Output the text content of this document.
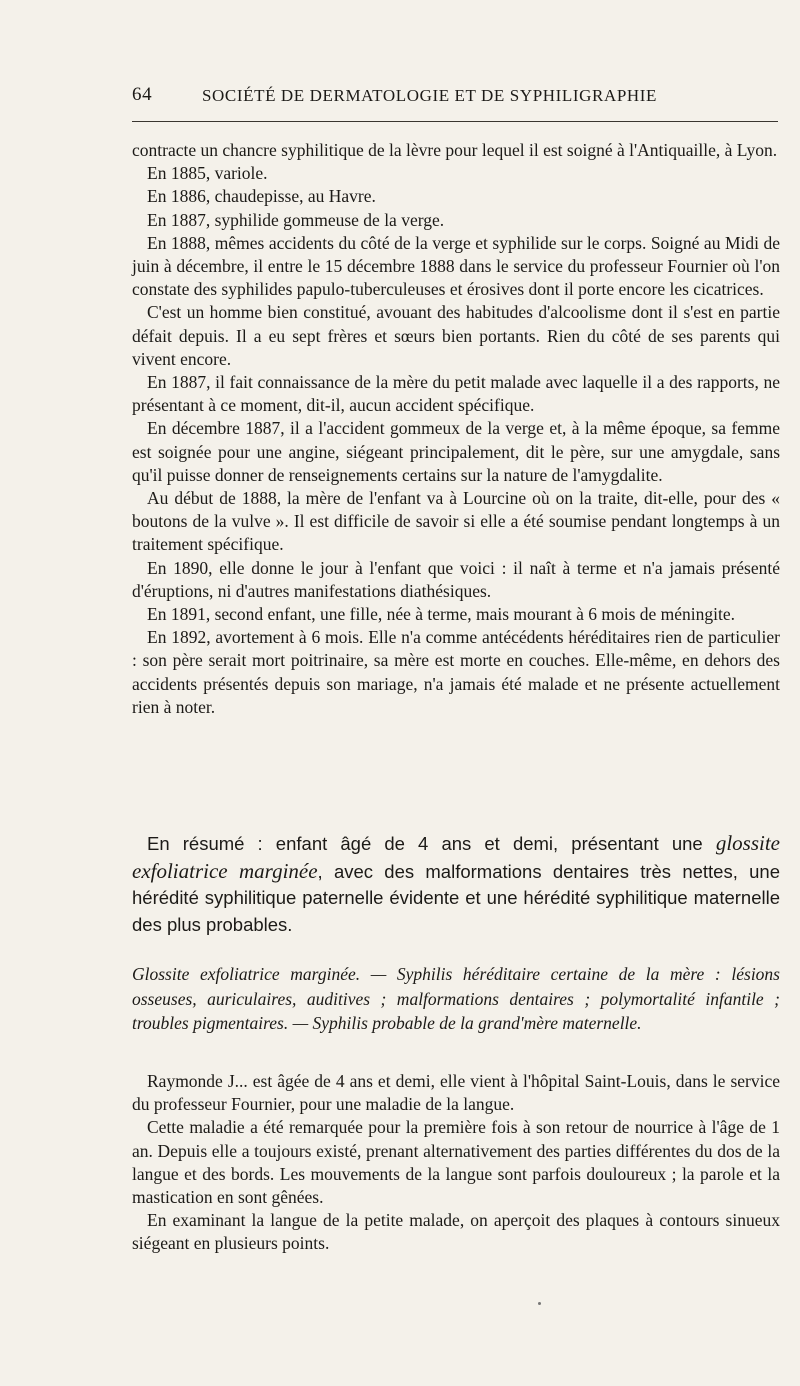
64	SOCIÉTÉ DE DERMATOLOGIE ET DE SYPHILIGRAPHIE

contracte un chancre syphilitique de la lèvre pour lequel il est soigné à l'Antiquaille, à Lyon.

En 1885, variole.

En 1886, chaudepisse, au Havre.

En 1887, syphilide gommeuse de la verge.

En 1888, mêmes accidents du côté de la verge et syphilide sur le corps. Soigné au Midi de juin à décembre, il entre le 15 décembre 1888 dans le service du professeur Fournier où l'on constate des syphilides papulo-tuberculeuses et érosives dont il porte encore les cicatrices.

C'est un homme bien constitué, avouant des habitudes d'alcoolisme dont il s'est en partie défait depuis. Il a eu sept frères et sœurs bien portants. Rien du côté de ses parents qui vivent encore.

En 1887, il fait connaissance de la mère du petit malade avec laquelle il a des rapports, ne présentant à ce moment, dit-il, aucun accident spécifique.

En décembre 1887, il a l'accident gommeux de la verge et, à la même époque, sa femme est soignée pour une angine, siégeant principalement, dit le père, sur une amygdale, sans qu'il puisse donner de renseignements certains sur la nature de l'amygdalite.

Au début de 1888, la mère de l'enfant va à Lourcine où on la traite, dit-elle, pour des « boutons de la vulve ». Il est difficile de savoir si elle a été soumise pendant longtemps à un traitement spécifique.

En 1890, elle donne le jour à l'enfant que voici : il naît à terme et n'a jamais présenté d'éruptions, ni d'autres manifestations diathésiques.

En 1891, second enfant, une fille, née à terme, mais mourant à 6 mois de méningite.

En 1892, avortement à 6 mois. Elle n'a comme antécédents héréditaires rien de particulier : son père serait mort poitrinaire, sa mère est morte en couches. Elle-même, en dehors des accidents présentés depuis son mariage, n'a jamais été malade et ne présente actuellement rien à noter.

En résumé : enfant âgé de 4 ans et demi, présentant une glossite exfoliatrice marginée, avec des malformations dentaires très nettes, une hérédité syphilitique paternelle évidente et une hérédité syphilitique maternelle des plus probables.

Glossite exfoliatrice marginée. — Syphilis héréditaire certaine de la mère : lésions osseuses, auriculaires, auditives ; malformations dentaires ; polymortalité infantile ; troubles pigmentaires. — Syphilis probable de la grand'mère maternelle.

Raymonde J... est âgée de 4 ans et demi, elle vient à l'hôpital Saint-Louis, dans le service du professeur Fournier, pour une maladie de la langue.

Cette maladie a été remarquée pour la première fois à son retour de nourrice à l'âge de 1 an. Depuis elle a toujours existé, prenant alternativement des parties différentes du dos de la langue et des bords. Les mouvements de la langue sont parfois douloureux ; la parole et la mastication en sont gênées.

En examinant la langue de la petite malade, on aperçoit des plaques à contours sinueux siégeant en plusieurs points.
